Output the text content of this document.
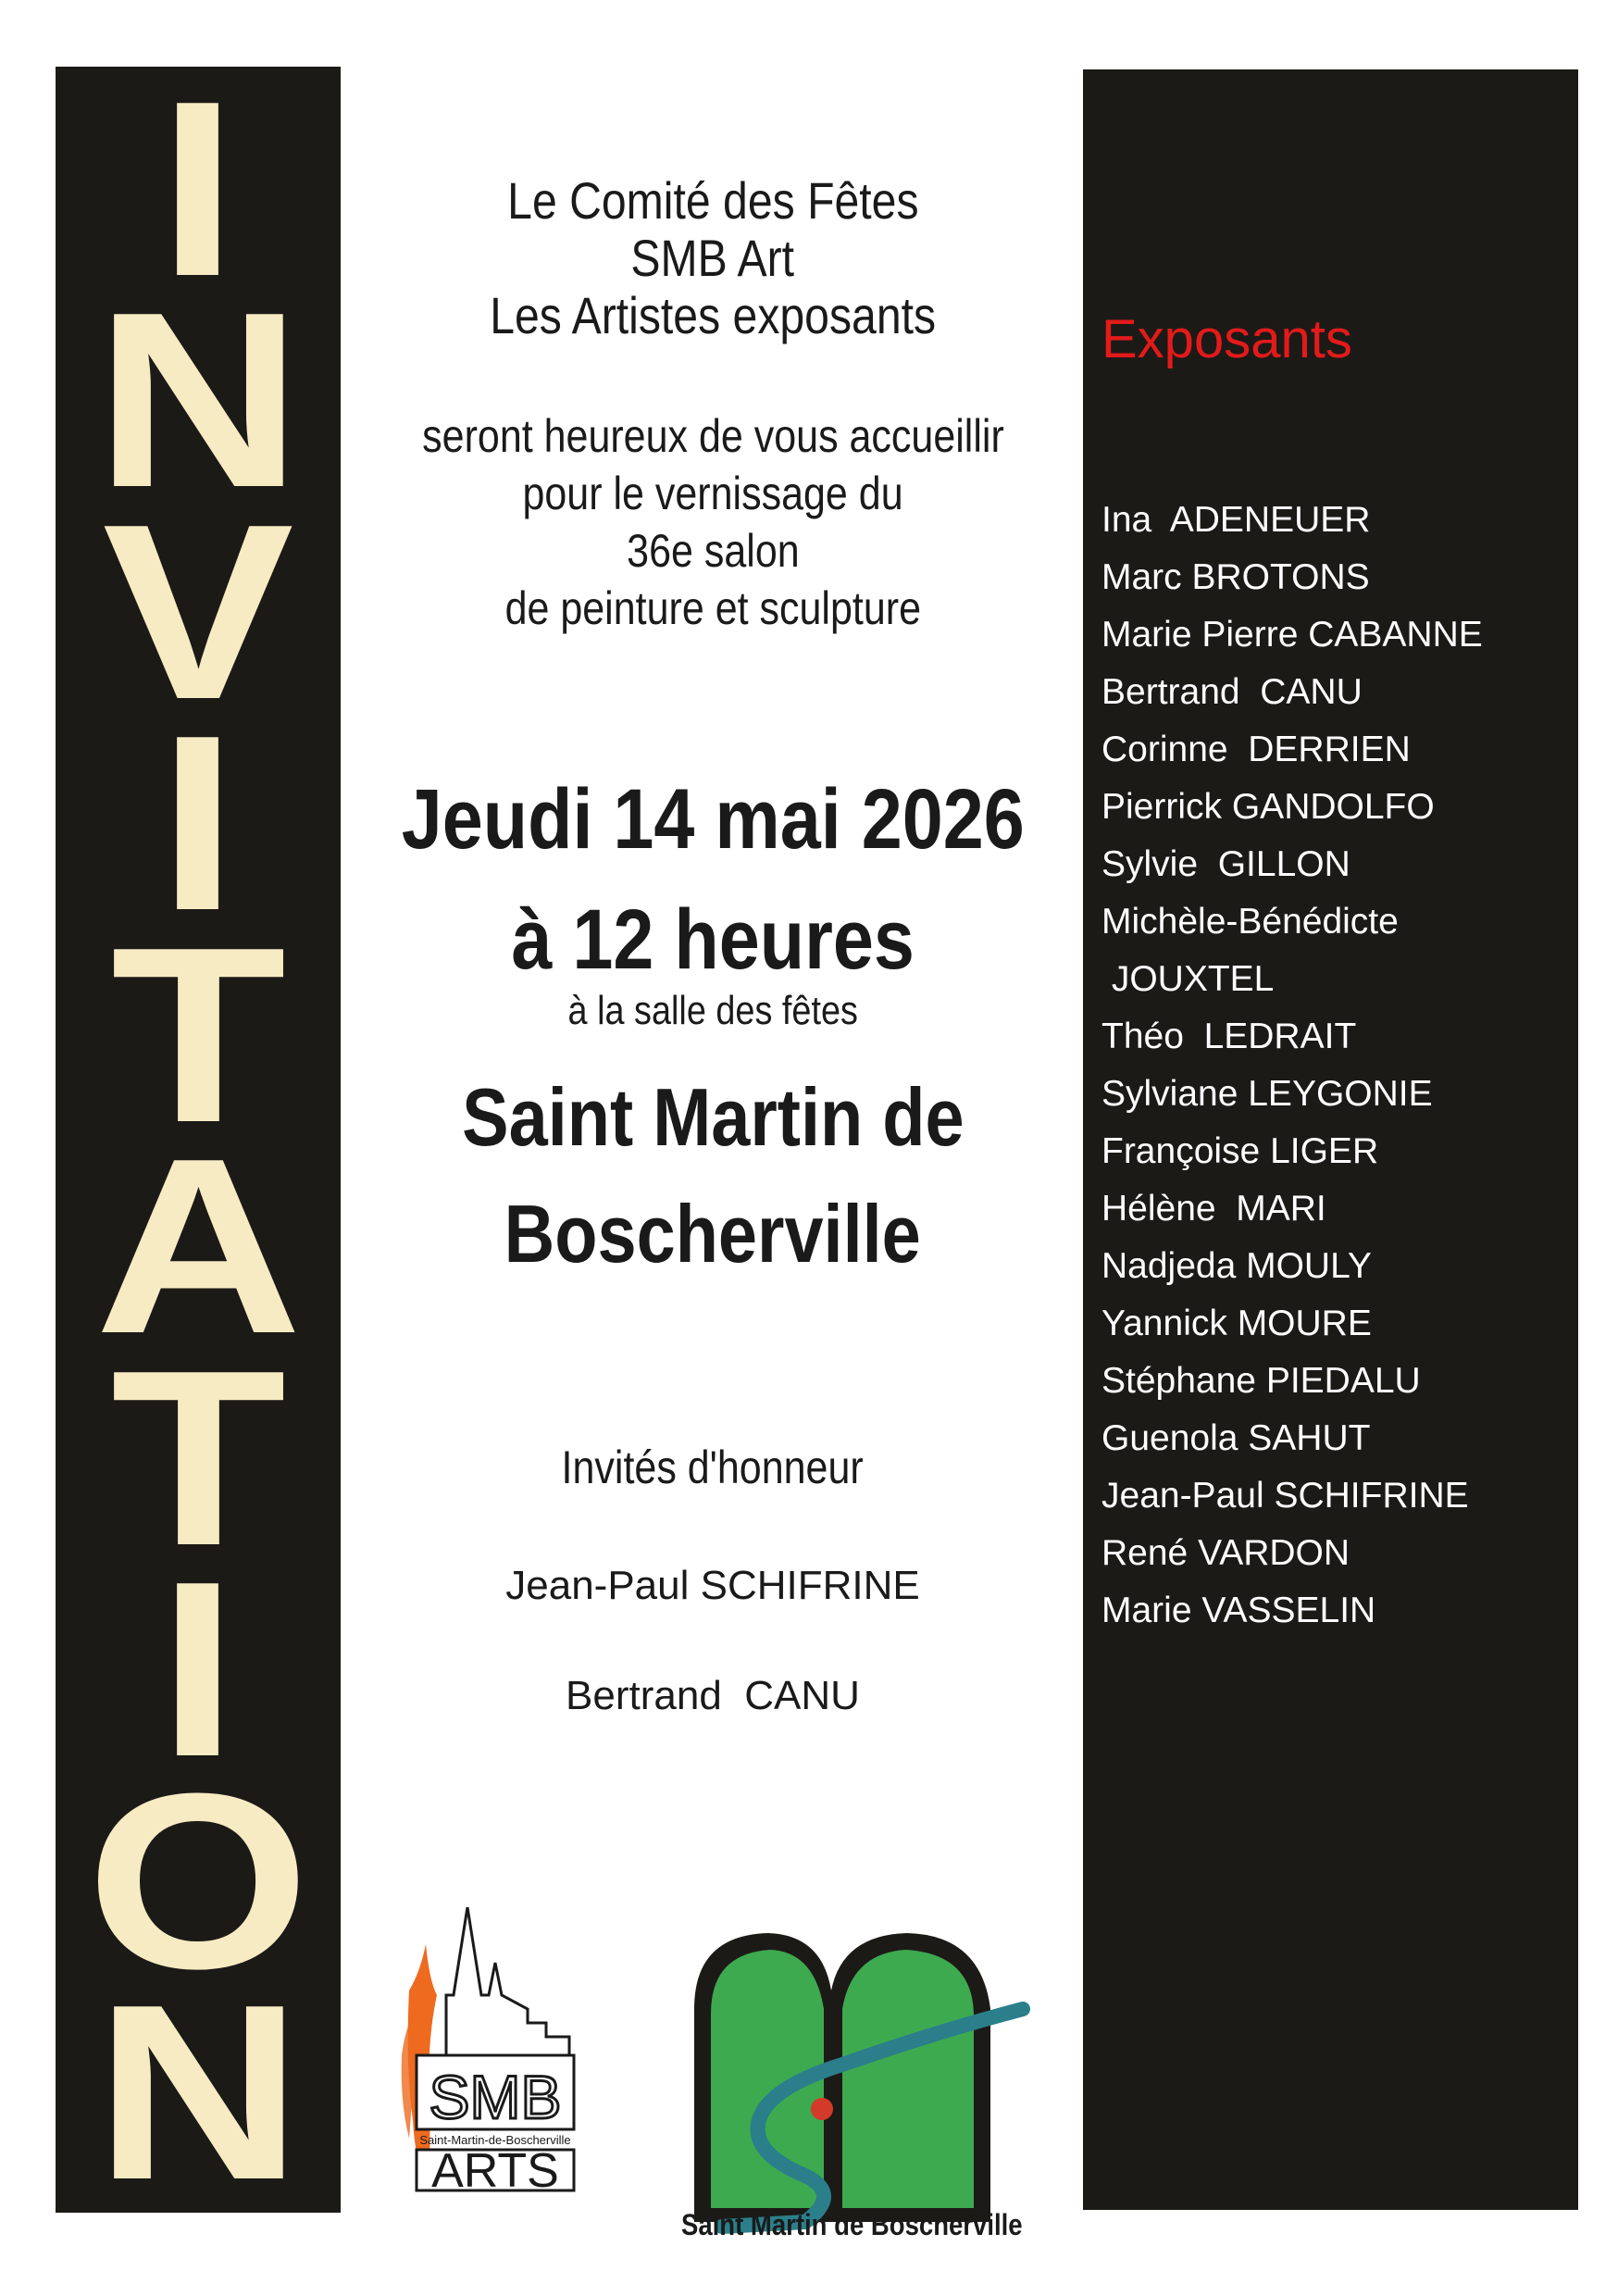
I
N
V
I
T
A
T
I
O
N
Le Comité des Fêtes
SMB Art
Les Artistes exposants
seront heureux de vous accueillir
pour le vernissage du
36e salon
de peinture et sculpture
Jeudi 14 mai 2026
à 12 heures
à la salle des fêtes
Saint Martin de
Boscherville
Invités d'honneur
Jean-Paul SCHIFRINE
Bertrand  CANU
Exposants
Ina  ADENEUER
Marc BROTONS
Marie Pierre CABANNE
Bertrand  CANU
Corinne  DERRIEN
Pierrick GANDOLFO
Sylvie  GILLON
Michèle-Bénédicte
JOUXTEL
Théo  LEDRAIT
Sylviane LEYGONIE
Françoise LIGER
Hélène  MARI
Nadjeda MOULY
Yannick MOURE
Stéphane PIEDALU
Guenola SAHUT
Jean-Paul SCHIFRINE
René VARDON
Marie VASSELIN
SMB
Saint-Martin-de-Boscherville
ARTS
Saint Martin de Boscherville
